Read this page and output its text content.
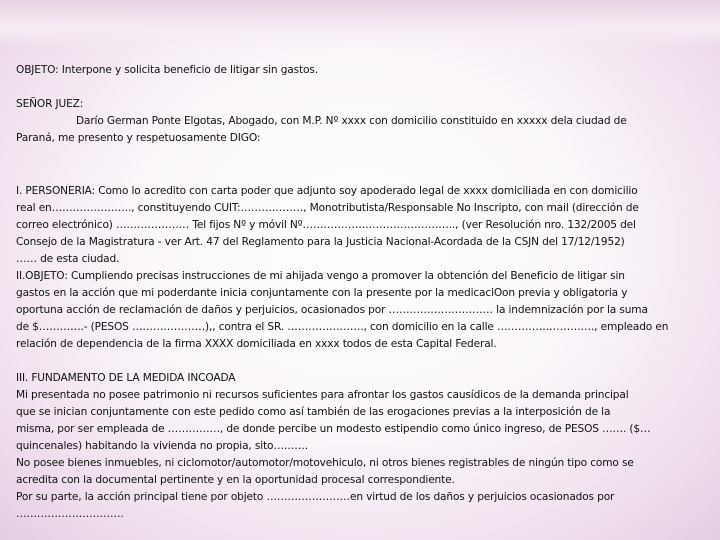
OBJETO: Interpone y solicita beneficio de litigar sin gastos.

SEÑOR JUEZ:

Darío German Ponte Elgotas, Abogado, con M.P. Nº xxxx con domicilio constituido en xxxxx dela ciudad de

Paraná, me presento y respetuosamente DIGO:

I. PERSONERIA: Como lo acredito con carta poder que adjunto soy apoderado legal de xxxx domiciliada en con domicilio

real en………………….., constituyendo CUIT:………………, Monotributista/Responsable No Inscripto, con mail (dirección de

correo electrónico) ………………… Tel fijos Nº y móvil Nº…………………………………….., (ver Resolución nro. 132/2005 del

Consejo de la Magistratura - ver Art. 47 del Reglamento para la Justicia Nacional-Acordada de la CSJN del 17/12/1952)

…… de esta ciudad.

II.OBJETO: Cumpliendo precisas instrucciones de mi ahijada vengo a promover la obtención del Beneficio de litigar sin

gastos en la acción que mi poderdante inicia conjuntamente con la presente por la medicaciOon previa y obligatoria y

oportuna acción de reclamación de daños y perjuicios, ocasionados por ………………………… la indemnización por la suma

de $………….- (PESOS …………………),, contra el SR. …………………., con domicilio en la calle ………………………., empleado en

relación de dependencia de la firma XXXX domiciliada en xxxx todos de esta Capital Federal.

III. FUNDAMENTO DE LA MEDIDA INCOADA

Mi presentada no posee patrimonio ni recursos suficientes para afrontar los gastos causídicos de la demanda principal

que se inician conjuntamente con este pedido como así también de las erogaciones previas a la interposición de la

misma, por ser empleada de ……………, de donde percibe un modesto estipendio como único ingreso, de PESOS ……. ($…

quincenales) habitando la vivienda no propia, sito……….

No posee bienes inmuebles, ni ciclomotor/automotor/motovehiculo, ni otros bienes registrables de ningún tipo como se

acredita con la documental pertinente y en la oportunidad procesal correspondiente.

Por su parte, la acción principal tiene por objeto ……………………en virtud de los daños y perjuicios ocasionados por

………………………….
